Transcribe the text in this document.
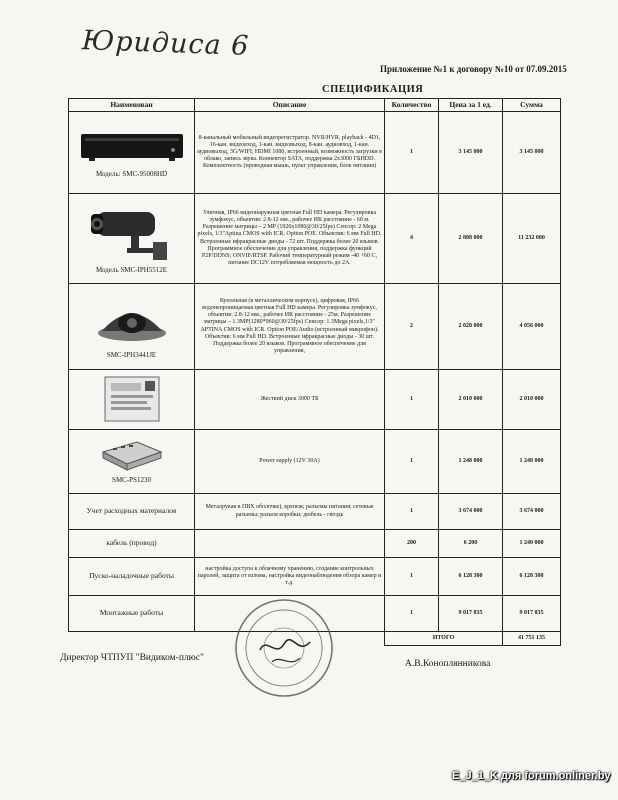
Юридиса 6
Приложение №1 к договору №10 от 07.09.2015
СПЕЦИФИКАЦИЯ
Наименован	Описание	Количество	Цена за 1 ед.	Сумма

Модель: SMC-95008HD	8-канальный мобильный видеорегистратор. NVR/HVR, playback - 4D1, 16-кан. видеовход, 1-кан. видеовыход, 8-кан. аудиовход, 1-кан. аудиовыход, 3G/WIFI, HDMI 1080, встроенный, возможность загрузки в облако, запись звука. Коннектор SATA, поддержка 2x3000 ГБHDD. Комплектность (проводная мышь, пульт управления, блок питания)	1	3 145 000	3 145 000

Модель SMC-IPH5512E	Уличная, IP66 видеонаружная цветная Full HD камера. Регулировка зумфокус, объектив: 2.8-12 мм., рабочее ИК расстояние - 60 м. Разрешение матрицы – 2 MP (1920x1080@30/25fps) Сенсор: 2 Mega pixels, 1/3"Aptina CMOS with ICR. Option POE. Объектив: 6 мм Full HD. Встроенные ифракрасные диоды - 72 шт. Поддержка более 20 языков. Программное обеспечение для управления, поддержка функций P2P/DDNS; ONVIF/RTSP. Рабочий температурный режим -40 +60 С, питание DC12V потребляемая мощность до 2А.	4	2 808 000	11 232 000

SMC-IPH3441JE	Купольная (в металлическом корпусе), цифровая, IP66 водонепроницаемая цветная Full HD камера. Регулировка зумфокус, объектив: 2.8-12 мм., рабочее ИК расстояние - 25м. Разрешение матрицы – 1.3MP(1280*960@30/25fps) Сенсор: 1.3Mega pixels,1/3" APTINA CMOS with ICR. Option POE/Audio (встроенный микрофон). Объектив: 6 мм Full HD. Встроенные ифракрасные диоды - 30 шт. Поддержка более 20 языков. Программное обеспечение для управления,	2	2 028 000	4 056 000

	Жесткий диск 3000 ТБ	1	2 010 000	2 010 000

SMC-PS1230	Power supply (12V 30A)	1	1 248 000	1 248 000
Учет расходных материалов	Металрукав в ПВХ оболочке), крепеж; разъемы питания; сетевые разъемы; разъем коробки; дюбель - гвоздь	1	3 674 000	3 674 000
кабель (провод)		200	6 200	1 240 000
Пуско-наладочные работы	настройка доступа к облачному хранению, создание контрольных паролей, защита от взлома, настройка видеонаблюдения обзора камер и т.д.	1	6 128 300	6 128 300
Монтажные работы		1	9 017 835	9 017 835
		ИТОГО		41 751 135
Директор ЧТПУП "Видиком-плюс"
А.В.Коноплянникова
E_J_1_K для forum.onliner.by
